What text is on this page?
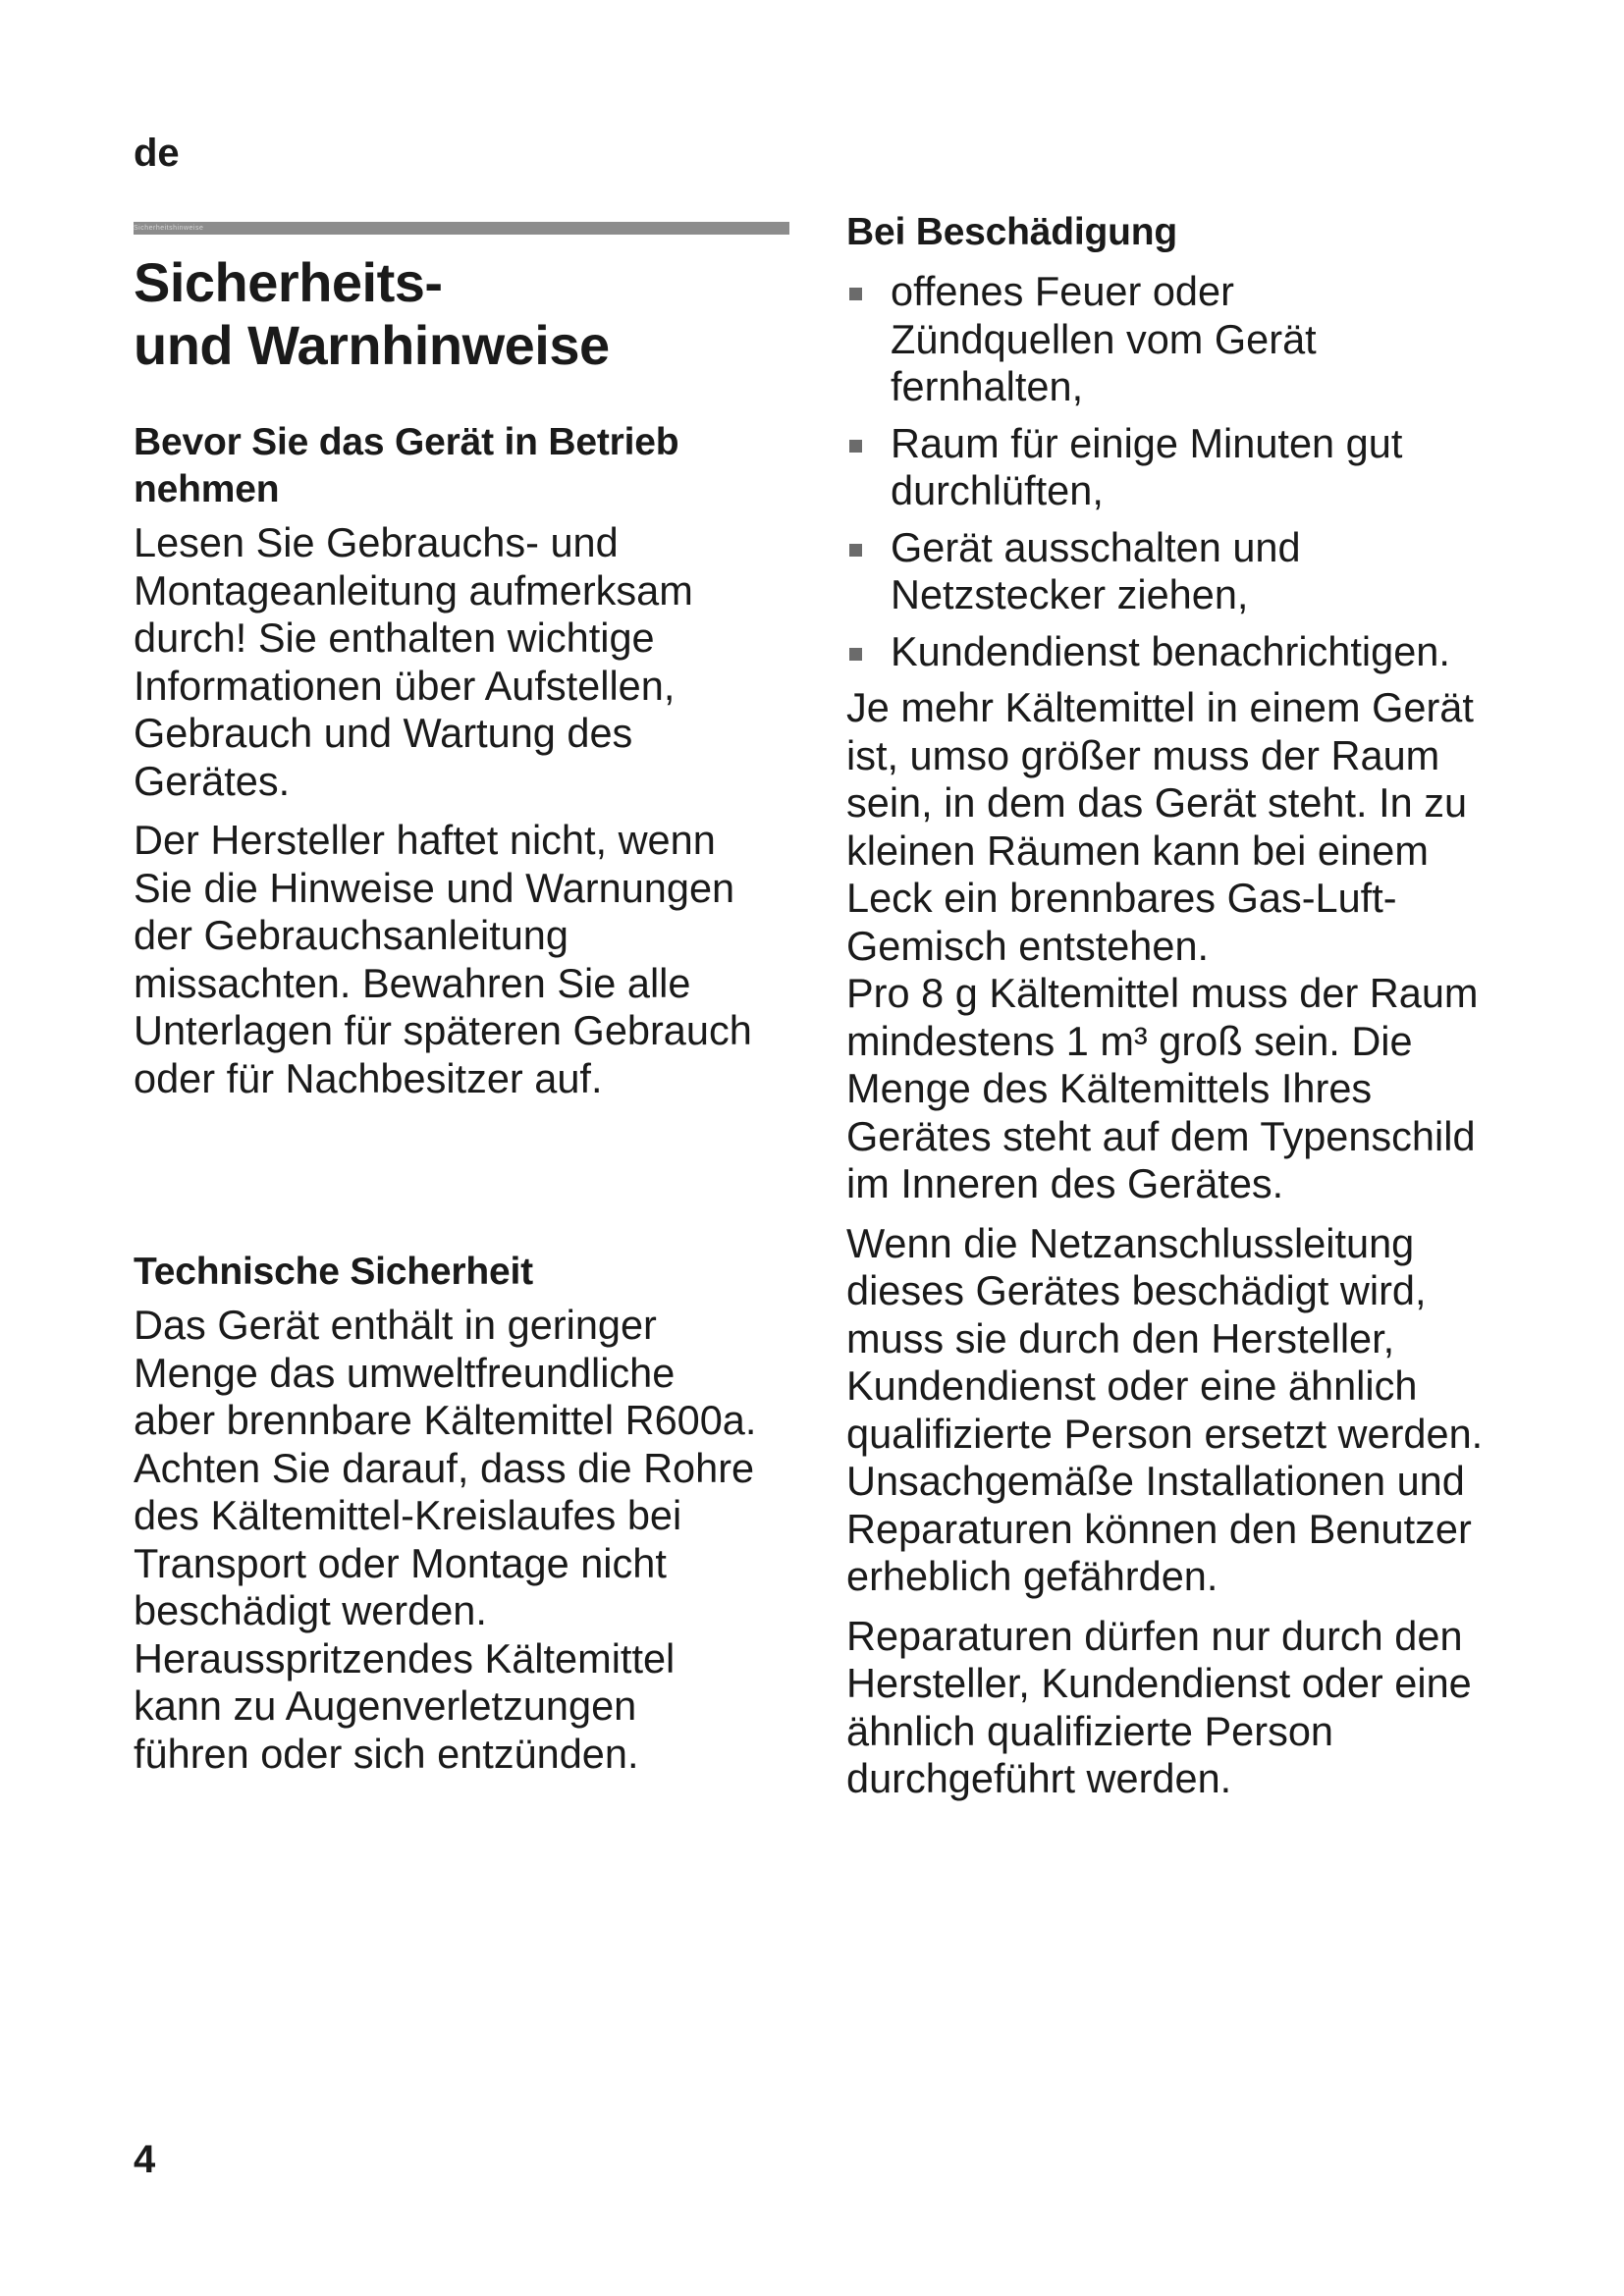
de

Sicherheitshinweise
Sicherheits-
und Warnhinweise
Bevor Sie das Gerät in Betrieb nehmen

Lesen Sie Gebrauchs- und Montageanleitung aufmerksam durch! Sie enthalten wichtige Informationen über Aufstellen, Gebrauch und Wartung des Gerätes.

Der Hersteller haftet nicht, wenn Sie die Hinweise und Warnungen der Gebrauchsanleitung missachten. Bewahren Sie alle Unterlagen für späteren Gebrauch oder für Nachbesitzer auf.

Technische Sicherheit

Das Gerät enthält in geringer Menge das umweltfreundliche aber brennbare Kältemittel R600a. Achten Sie darauf, dass die Rohre des Kältemittel-Kreislaufes bei Transport oder Montage nicht beschädigt werden. Herausspritzendes Kältemittel kann zu Augenverletzungen führen oder sich entzünden.

Bei Beschädigung
offenes Feuer oder Zündquellen vom Gerät fernhalten,
Raum für einige Minuten gut durchlüften,
Gerät ausschalten und Netzstecker ziehen,
Kundendienst benachrichtigen.

Je mehr Kältemittel in einem Gerät ist, umso größer muss der Raum sein, in dem das Gerät steht. In zu kleinen Räumen kann bei einem Leck ein brennbares Gas-Luft-Gemisch entstehen.

Pro 8 g Kältemittel muss der Raum mindestens 1 m³ groß sein. Die Menge des Kältemittels Ihres Gerätes steht auf dem Typenschild im Inneren des Gerätes.

Wenn die Netzanschlussleitung dieses Gerätes beschädigt wird, muss sie durch den Hersteller, Kundendienst oder eine ähnlich qualifizierte Person ersetzt werden. Unsachgemäße Installationen und Reparaturen können den Benutzer erheblich gefährden.

Reparaturen dürfen nur durch den Hersteller, Kundendienst oder eine ähnlich qualifizierte Person durchgeführt werden.

4
